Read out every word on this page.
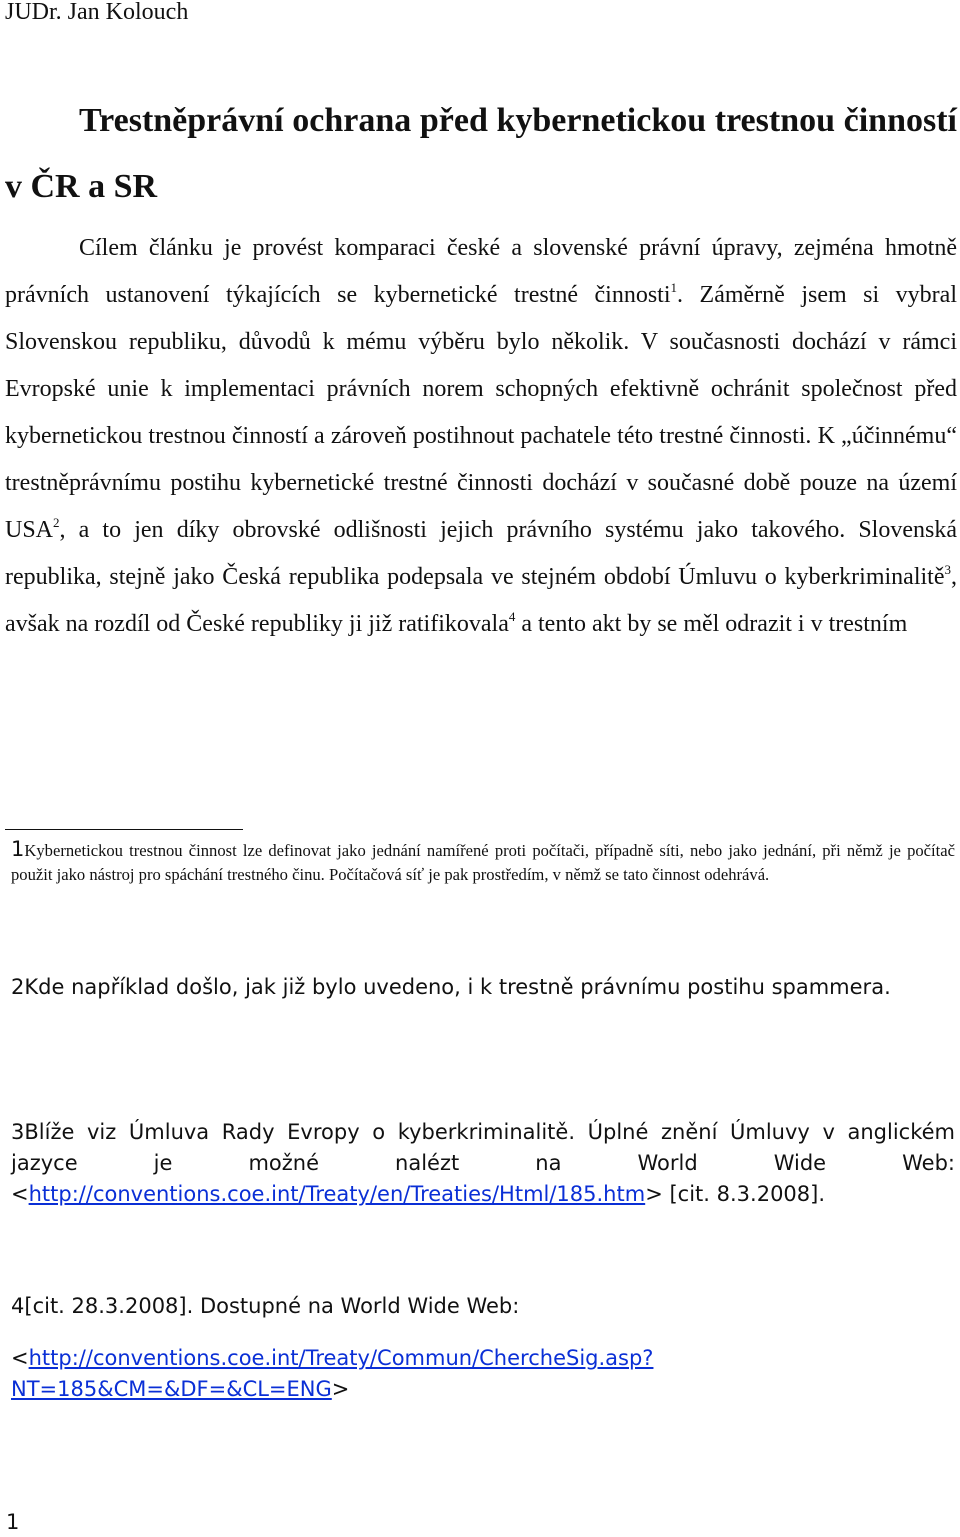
JUDr. Jan Kolouch
Trestněprávní ochrana před kybernetickou trestnou činností v ČR a SR

Cílem článku je provést komparaci české a slovenské právní úpravy, zejména hmotně právních ustanovení týkajících se kybernetické trestné činnosti$^1$. Záměrně jsem si vybral Slovenskou republiku, důvodů k mému výběru bylo několik. V současnosti dochází v rámci Evropské unie k implementaci právních norem schopných efektivně ochránit společnost před kybernetickou trestnou činností a zároveň postihnout pachatele této trestné činnosti. K „účinnému“ trestněprávnímu postihu kybernetické trestné činnosti dochází v současné době pouze na území USA$^2$, a to jen díky obrovské odlišnosti jejich právního systému jako takového. Slovenská republika, stejně jako Česká republika podepsala ve stejném období Úmluvu o kyberkriminalitě$^3$, avšak na rozdíl od České republiky ji již ratifikovala$^4$ a tento akt by se měl odrazit i v trestním

1Kybernetickou trestnou činnost lze definovat jako jednání namířené proti počítači, případně síti, nebo jako jednání, při němž je počítač použit jako nástroj pro spáchání trestného činu. Počítačová síť je pak prostředím, v němž se tato činnost odehrává.

2Kde například došlo, jak již bylo uvedeno, i k trestně právnímu postihu spammera.

3Blíže viz Úmluva Rady Evropy o kyberkriminalitě. Úplné znění Úmluvy v anglickém jazyce je možné nalézt na World Wide Web: <http://conventions.coe.int/Treaty/en/Treaties/Html/185.htm> [cit. 8.3.2008].

4[cit. 28.3.2008]. Dostupné na World Wide Web:
<http://conventions.coe.int/Treaty/Commun/ChercheSig.asp?
NT=185&CM=&DF=&CL=ENG>
1
